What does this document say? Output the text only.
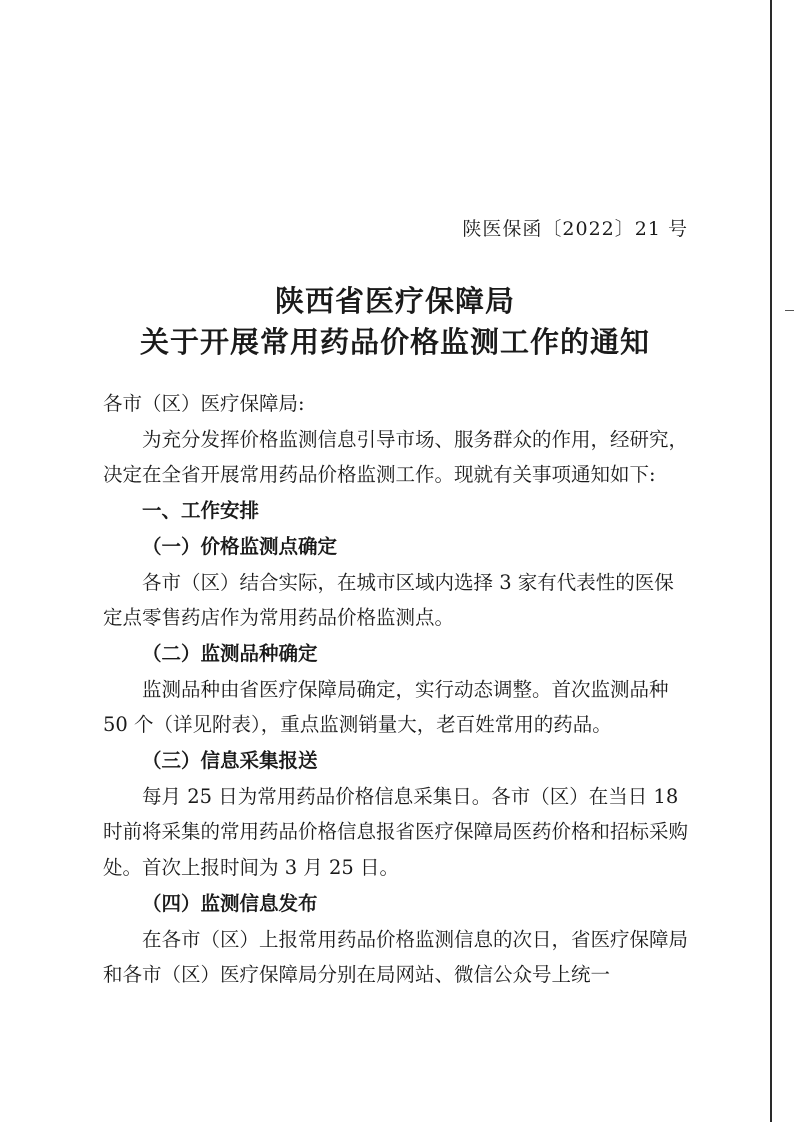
陕医保函〔2022〕21 号
陕西省医疗保障局
关于开展常用药品价格监测工作的通知

各市（区）医疗保障局:

为充分发挥价格监测信息引导市场、服务群众的作用，经研究，决定在全省开展常用药品价格监测工作。现就有关事项通知如下:

一、工作安排

（一）价格监测点确定

各市（区）结合实际，在城市区域内选择 3 家有代表性的医保定点零售药店作为常用药品价格监测点。

（二）监测品种确定

监测品种由省医疗保障局确定，实行动态调整。首次监测品种 50 个（详见附表），重点监测销量大，老百姓常用的药品。

（三）信息采集报送

每月 25 日为常用药品价格信息采集日。各市（区）在当日 18 时前将采集的常用药品价格信息报省医疗保障局医药价格和招标采购处。首次上报时间为 3 月 25 日。

（四）监测信息发布

在各市（区）上报常用药品价格监测信息的次日，省医疗保障局和各市（区）医疗保障局分别在局网站、微信公众号上统一
